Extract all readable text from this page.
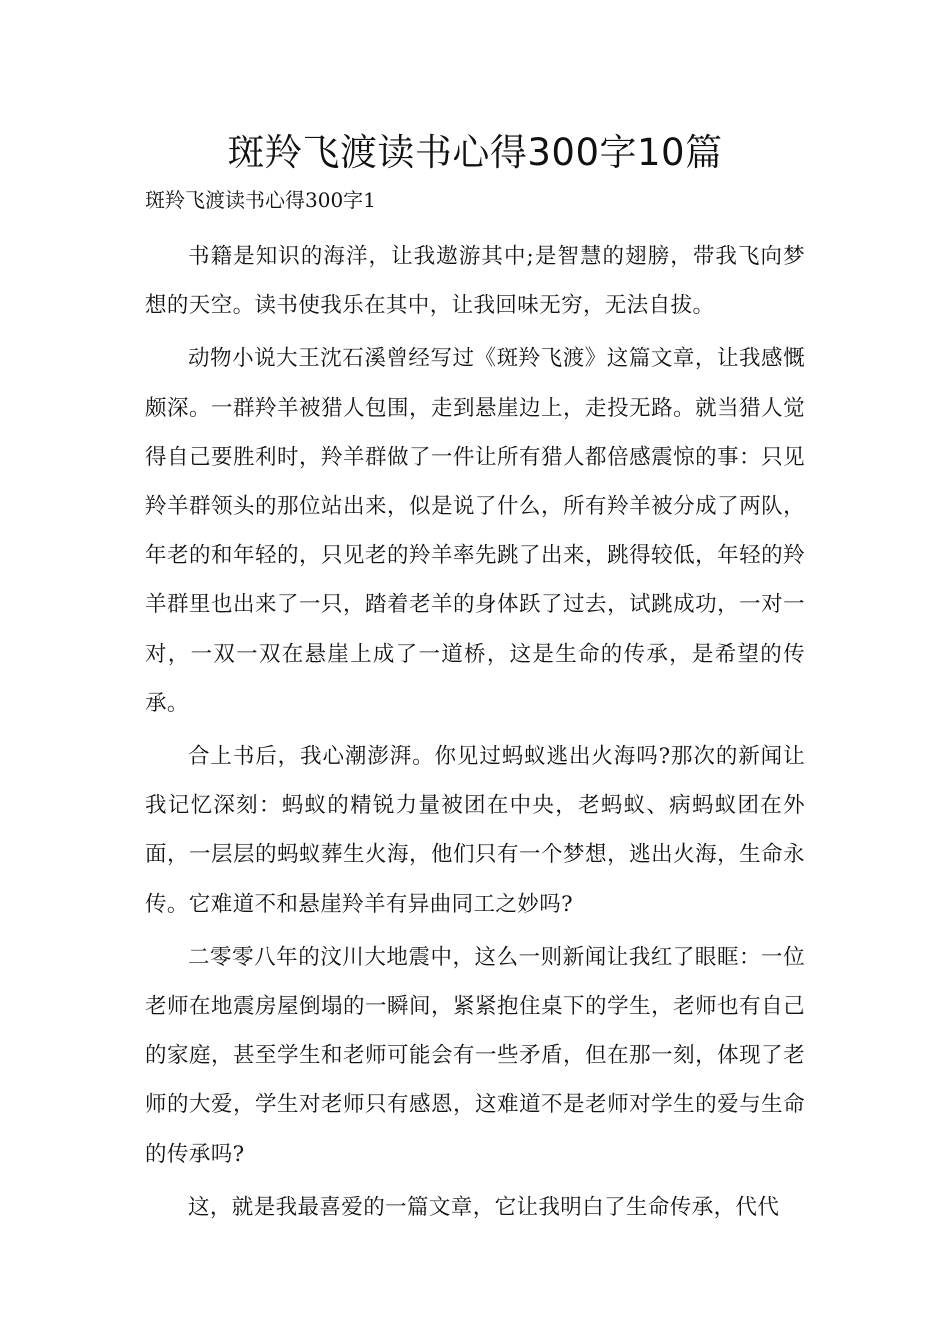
斑羚飞渡读书心得300字10篇

斑羚飞渡读书心得300字1

书籍是知识的海洋，让我遨游其中;是智慧的翅膀，带我飞向梦想的天空。读书使我乐在其中，让我回味无穷，无法自拔。

动物小说大王沈石溪曾经写过《斑羚飞渡》这篇文章，让我感慨颇深。一群羚羊被猎人包围，走到悬崖边上，走投无路。就当猎人觉得自己要胜利时，羚羊群做了一件让所有猎人都倍感震惊的事：只见羚羊群领头的那位站出来，似是说了什么，所有羚羊被分成了两队，年老的和年轻的，只见老的羚羊率先跳了出来，跳得较低，年轻的羚羊群里也出来了一只，踏着老羊的身体跃了过去，试跳成功，一对一对，一双一双在悬崖上成了一道桥，这是生命的传承，是希望的传承。

合上书后，我心潮澎湃。你见过蚂蚁逃出火海吗?那次的新闻让我记忆深刻：蚂蚁的精锐力量被团在中央，老蚂蚁、病蚂蚁团在外面，一层层的蚂蚁葬生火海，他们只有一个梦想，逃出火海，生命永传。它难道不和悬崖羚羊有异曲同工之妙吗?

二零零八年的汶川大地震中，这么一则新闻让我红了眼眶：一位老师在地震房屋倒塌的一瞬间，紧紧抱住桌下的学生，老师也有自己的家庭，甚至学生和老师可能会有一些矛盾，但在那一刻，体现了老师的大爱，学生对老师只有感恩，这难道不是老师对学生的爱与生命的传承吗?

这，就是我最喜爱的一篇文章，它让我明白了生命传承，代代
